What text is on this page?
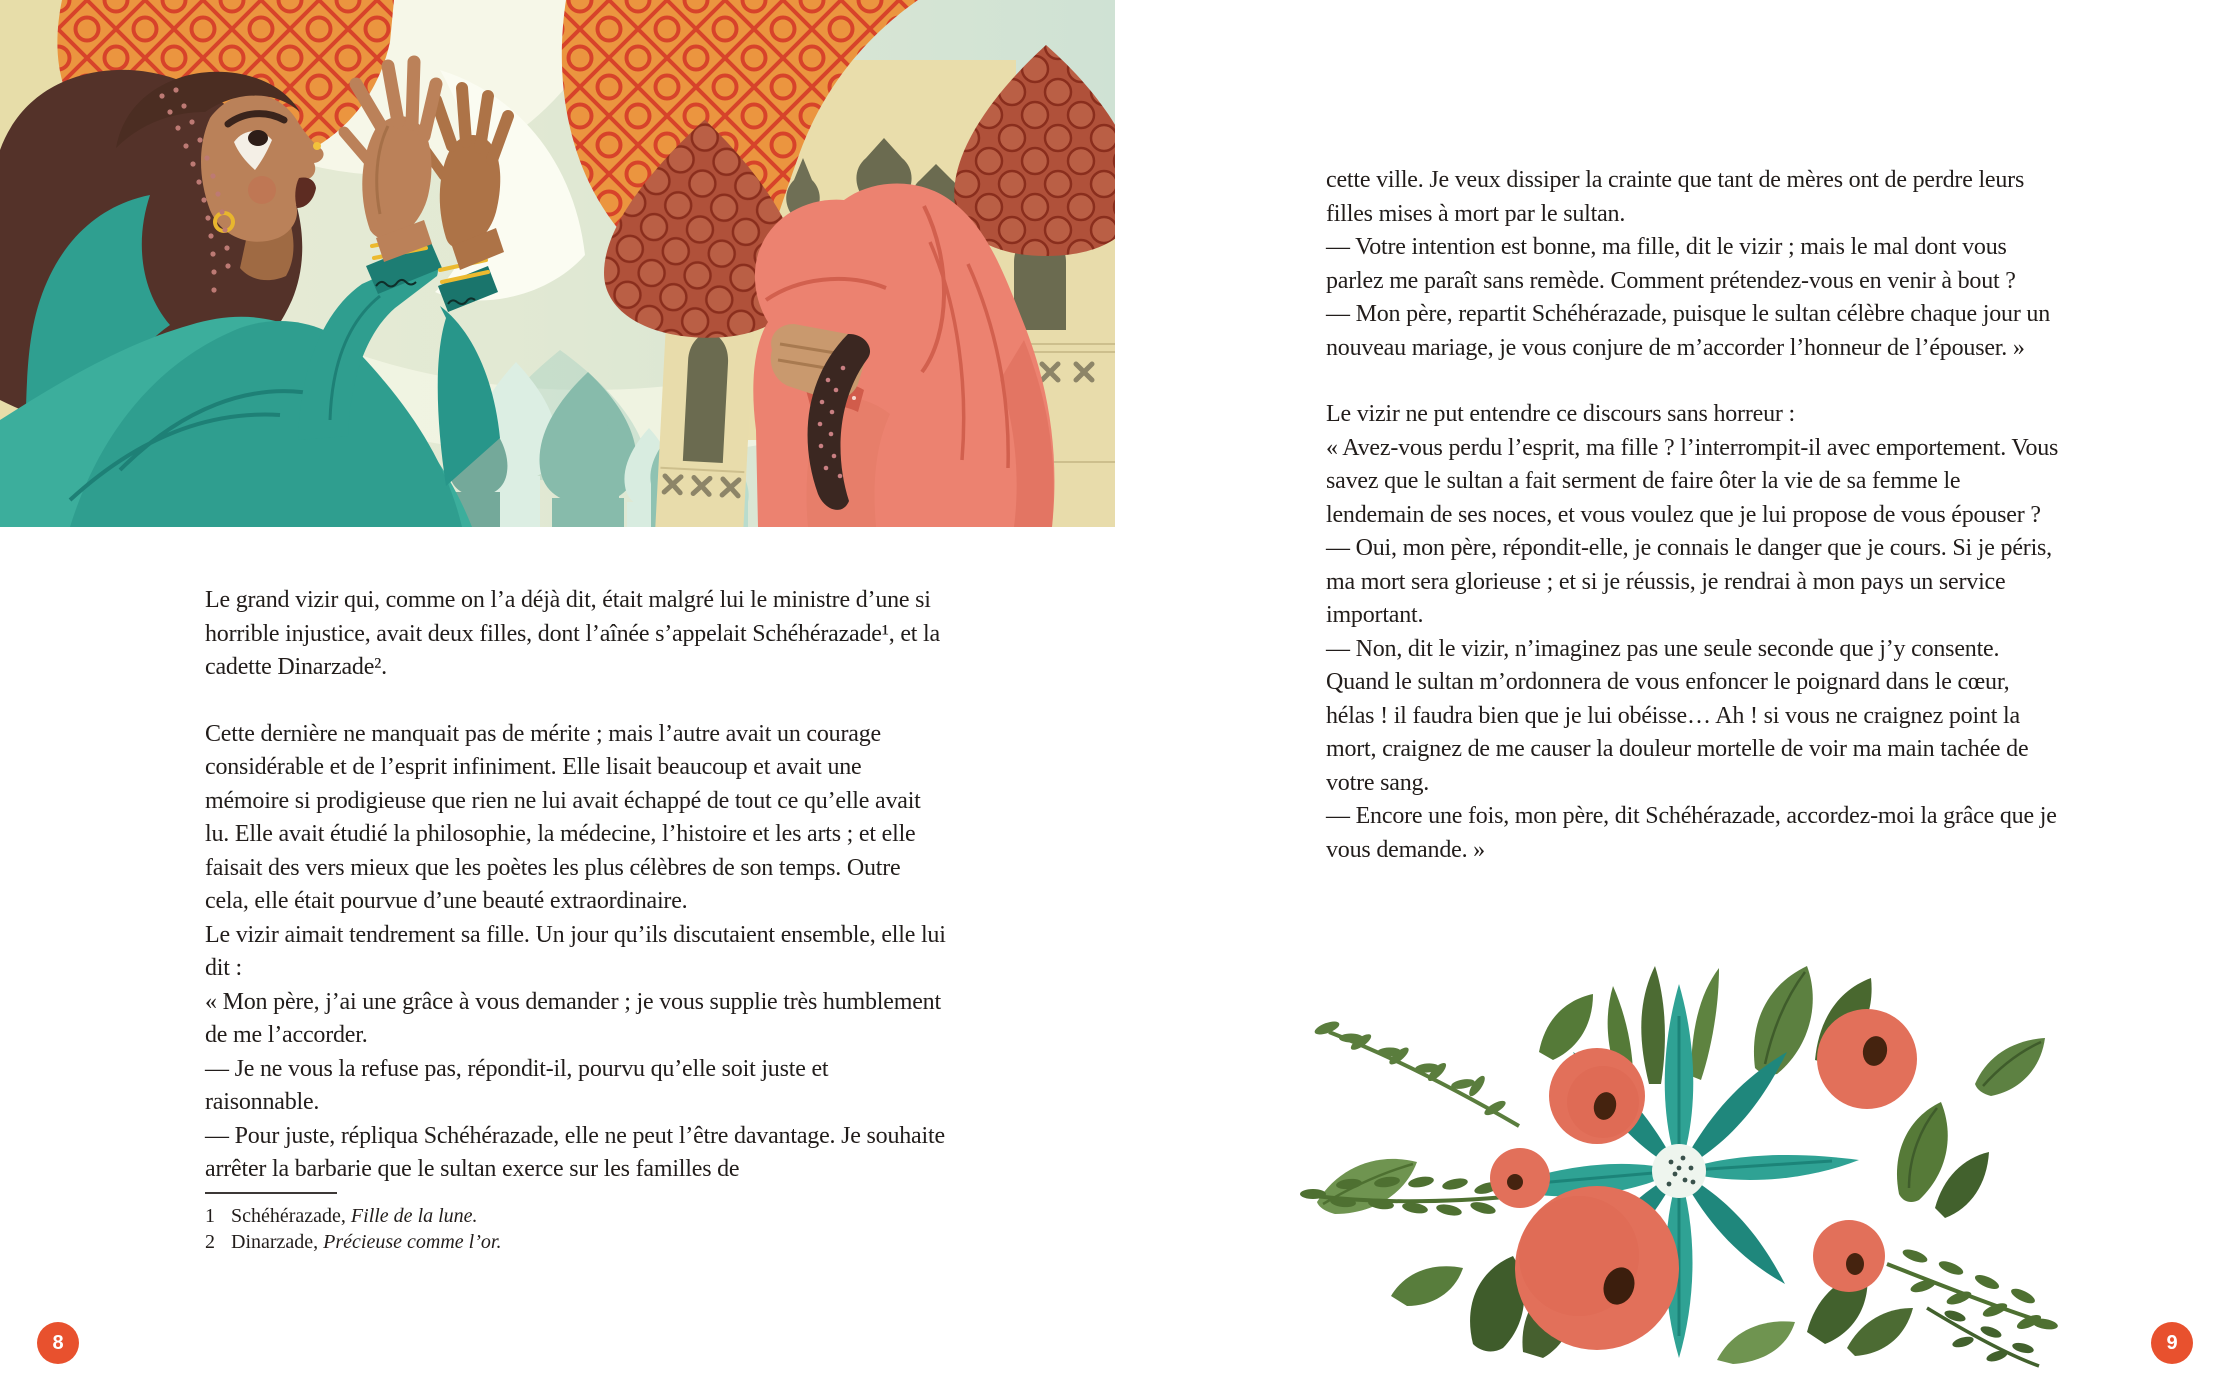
Le grand vizir qui, comme on l’a déjà dit, était malgré lui le ministre d’une si horrible injustice, avait deux filles, dont l’aînée s’appelait Schéhérazade¹, et la cadette Dinarzade².

Cette dernière ne manquait pas de mérite ; mais l’autre avait un courage considérable et de l’esprit infiniment. Elle lisait beaucoup et avait une mémoire si prodigieuse que rien ne lui avait échappé de tout ce qu’elle avait lu. Elle avait étudié la philosophie, la médecine, l’histoire et les arts ; et elle faisait des vers mieux que les poètes les plus célèbres de son temps. Outre cela, elle était pourvue d’une beauté extraordinaire.

Le vizir aimait tendrement sa fille. Un jour qu’ils discutaient ensemble, elle lui dit :

« Mon père, j’ai une grâce à vous demander ; je vous supplie très humblement de me l’accorder.

— Je ne vous la refuse pas, répondit-il, pourvu qu’elle soit juste et raisonnable.

— Pour juste, répliqua Schéhérazade, elle ne peut l’être davantage. Je souhaite arrêter la barbarie que le sultan exerce sur les familles de

1 Schéhérazade, Fille de la lune.
2 Dinarzade, Précieuse comme l’or.
8

cette ville. Je veux dissiper la crainte que tant de mères ont de perdre leurs filles mises à mort par le sultan.

— Votre intention est bonne, ma fille, dit le vizir ; mais le mal dont vous parlez me paraît sans remède. Comment prétendez-vous en venir à bout ?

— Mon père, repartit Schéhérazade, puisque le sultan célèbre chaque jour un nouveau mariage, je vous conjure de m’accorder l’honneur de l’épouser. »

Le vizir ne put entendre ce discours sans horreur :

« Avez-vous perdu l’esprit, ma fille ? l’interrompit-il avec emportement. Vous savez que le sultan a fait serment de faire ôter la vie de sa femme le lendemain de ses noces, et vous voulez que je lui propose de vous épouser ?

— Oui, mon père, répondit-elle, je connais le danger que je cours. Si je péris, ma mort sera glorieuse ; et si je réussis, je rendrai à mon pays un service important.

— Non, dit le vizir, n’imaginez pas une seule seconde que j’y consente. Quand le sultan m’ordonnera de vous enfoncer le poignard dans le cœur, hélas ! il faudra bien que je lui obéisse… Ah ! si vous ne craignez point la mort, craignez de me causer la douleur mortelle de voir ma main tachée de votre sang.

— Encore une fois, mon père, dit Schéhérazade, accordez-moi la grâce que je vous demande. »

9
